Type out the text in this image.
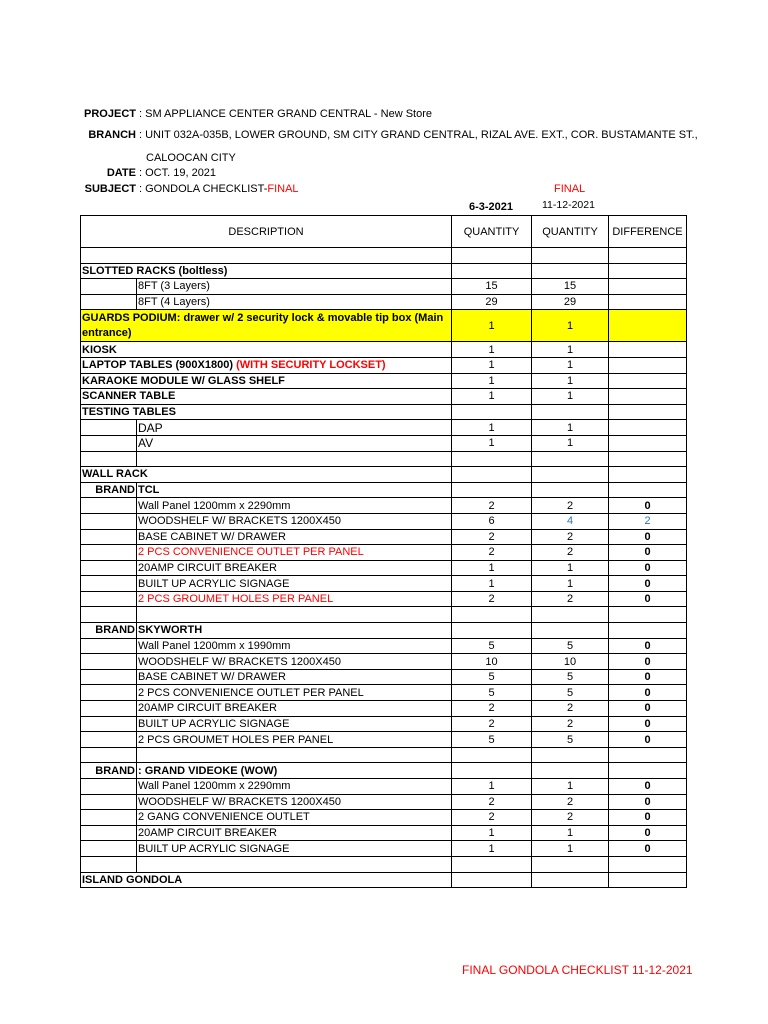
PROJECT : SM APPLIANCE CENTER GRAND CENTRAL - New Store
BRANCH : UNIT 032A-035B, LOWER GROUND, SM CITY GRAND CENTRAL, RIZAL AVE. EXT., COR. BUSTAMANTE ST.,
CALOOCAN CITY
DATE : OCT. 19, 2021
SUBJECT : GONDOLA CHECKLIST-FINAL	FINAL
6-3-2021	11-12-2021
DESCRIPTION		QUANTITY	QUANTITY	DIFFERENCE

SLOTTED RACKS (boltless)				
	8FT (3 Layers)	15	15	
	8FT (4 Layers)	29	29	
GUARDS PODIUM: drawer w/ 2 security lock & movable tip box (Main entrance)		1	1	
KIOSK		1	1	
LAPTOP TABLES (900X1800) (WITH SECURITY LOCKSET)		1	1	
KARAOKE MODULE W/ GLASS SHELF		1	1	
SCANNER TABLE		1	1	
TESTING TABLES				
	DAP	1	1	
	AV	1	1	

WALL RACK				
BRAND	TCL			
	Wall Panel 1200mm x 2290mm	2	2	0
	WOODSHELF W/ BRACKETS 1200X450	6	4	2
	BASE CABINET W/ DRAWER	2	2	0
	2 PCS CONVENIENCE OUTLET PER PANEL	2	2	0
	20AMP CIRCUIT BREAKER	1	1	0
	BUILT UP ACRYLIC SIGNAGE	1	1	0
	2 PCS GROUMET HOLES PER PANEL	2	2	0

BRAND	SKYWORTH			
	Wall Panel 1200mm x 1990mm	5	5	0
	WOODSHELF W/ BRACKETS 1200X450	10	10	0
	BASE CABINET W/ DRAWER	5	5	0
	2 PCS CONVENIENCE OUTLET PER PANEL	5	5	0
	20AMP CIRCUIT BREAKER	2	2	0
	BUILT UP ACRYLIC SIGNAGE	2	2	0
	2 PCS GROUMET HOLES PER PANEL	5	5	0

BRAND	: GRAND VIDEOKE (WOW)			
	Wall Panel 1200mm x 2290mm	1	1	0
	WOODSHELF W/ BRACKETS 1200X450	2	2	0
	2 GANG CONVENIENCE OUTLET	2	2	0
	20AMP CIRCUIT BREAKER	1	1	0
	BUILT UP ACRYLIC SIGNAGE	1	1	0

ISLAND GONDOLA				
FINAL GONDOLA CHECKLIST 11-12-2021
